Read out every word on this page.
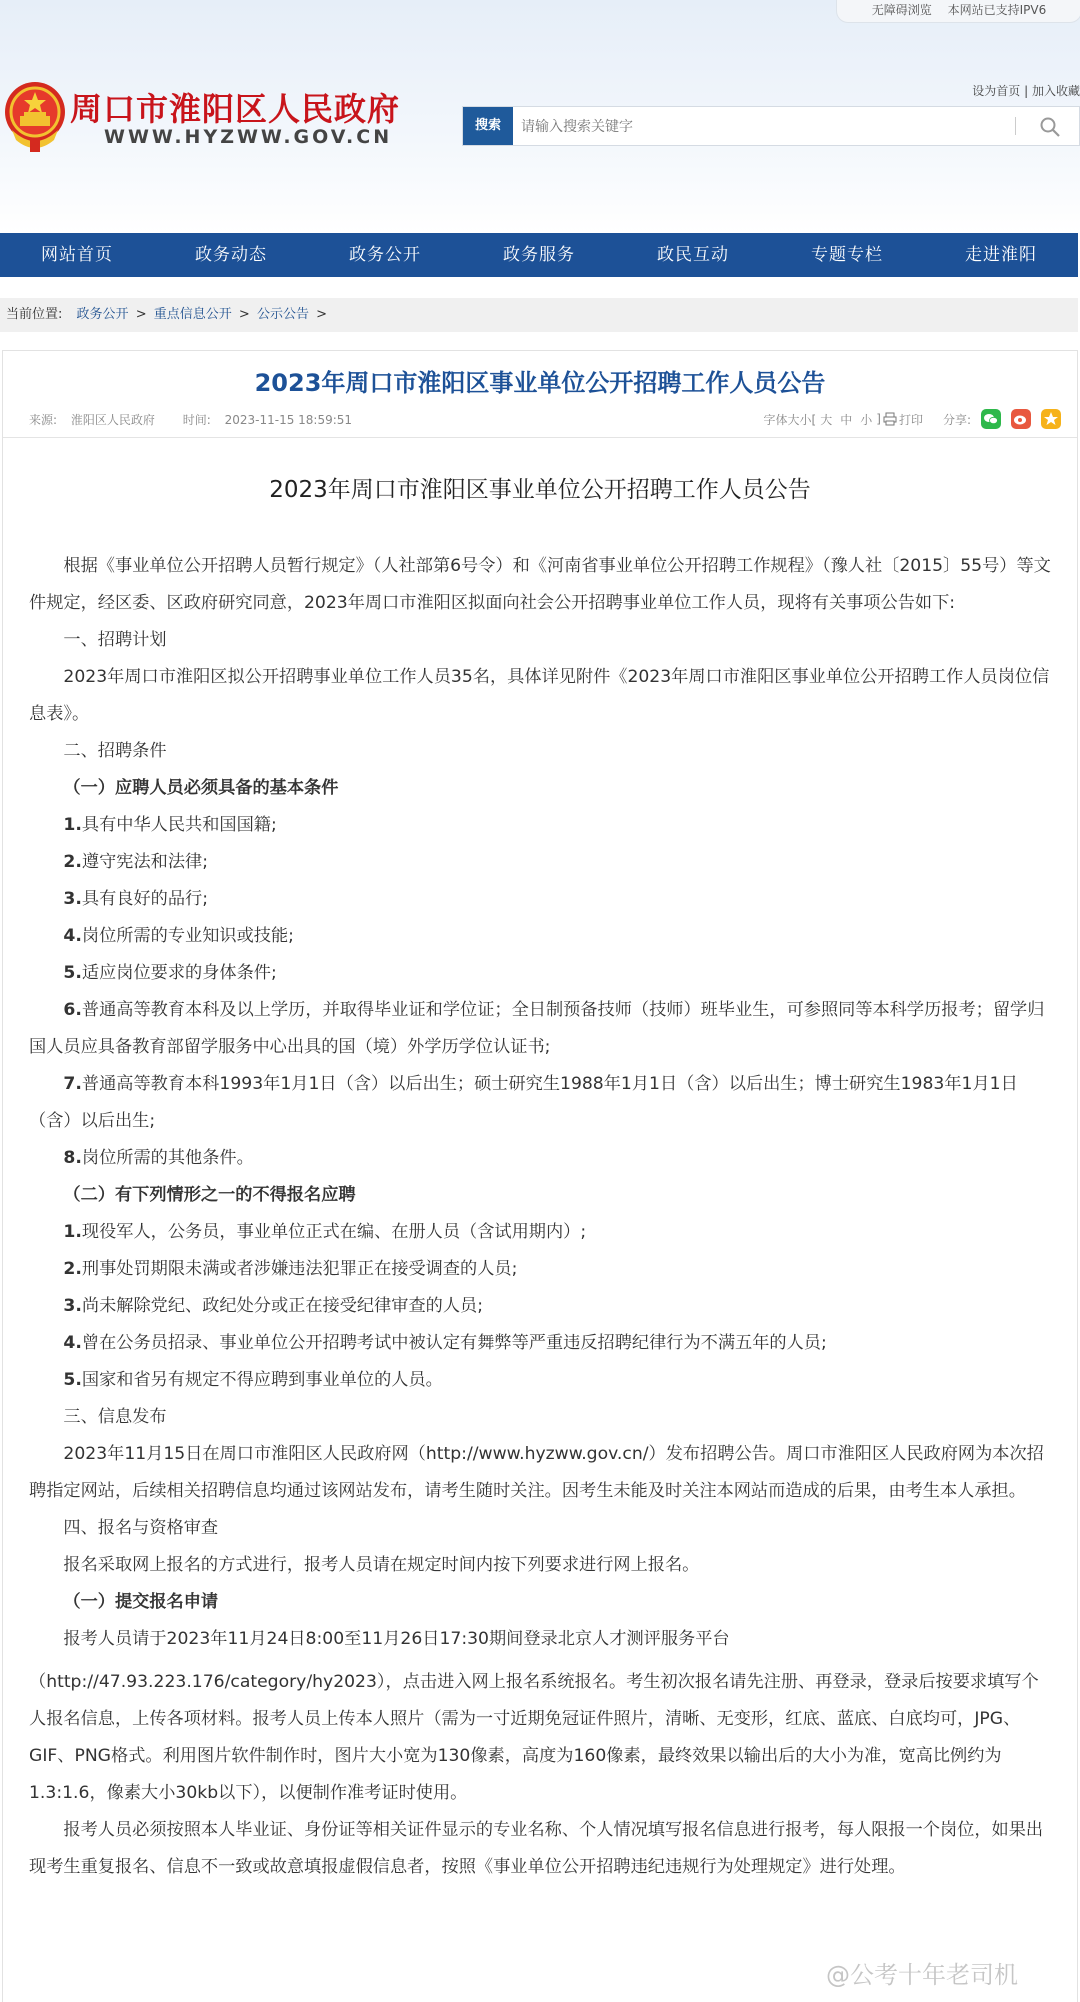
无障碍浏览 本网站已支持IPV6
周口市淮阳区人民政府
WWW.HYZWW.GOV.CN
设为首页 | 加入收藏
搜索
请输入搜索关键字
网站首页	政务动态	政务公开	政务服务	政民互动	专题专栏	走进淮阳
当前位置: 政务公开 > 重点信息公开 > 公示公告 >
2023年周口市淮阳区事业单位公开招聘工作人员公告
来源: 淮阳区人民政府 时间: 2023-11-15 18:59:51	字体大小[ 大 中 小 ] 打印 分享:
2023年周口市淮阳区事业单位公开招聘工作人员公告

根据《事业单位公开招聘人员暂行规定》（人社部第6号令）和《河南省事业单位公开招聘工作规程》（豫人社〔2015〕55号）等文件规定，经区委、区政府研究同意，2023年周口市淮阳区拟面向社会公开招聘事业单位工作人员，现将有关事项公告如下:

一、招聘计划

2023年周口市淮阳区拟公开招聘事业单位工作人员35名，具体详见附件《2023年周口市淮阳区事业单位公开招聘工作人员岗位信息表》。

二、招聘条件

（一）应聘人员必须具备的基本条件

1.具有中华人民共和国国籍;

2.遵守宪法和法律;

3.具有良好的品行;

4.岗位所需的专业知识或技能;

5.适应岗位要求的身体条件;

6.普通高等教育本科及以上学历，并取得毕业证和学位证；全日制预备技师（技师）班毕业生，可参照同等本科学历报考；留学归国人员应具备教育部留学服务中心出具的国（境）外学历学位认证书;

7.普通高等教育本科1993年1月1日（含）以后出生；硕士研究生1988年1月1日（含）以后出生；博士研究生1983年1月1日（含）以后出生;

8.岗位所需的其他条件。

（二）有下列情形之一的不得报名应聘

1.现役军人，公务员，事业单位正式在编、在册人员（含试用期内）;

2.刑事处罚期限未满或者涉嫌违法犯罪正在接受调查的人员;

3.尚未解除党纪、政纪处分或正在接受纪律审查的人员;

4.曾在公务员招录、事业单位公开招聘考试中被认定有舞弊等严重违反招聘纪律行为不满五年的人员;

5.国家和省另有规定不得应聘到事业单位的人员。

三、信息发布

2023年11月15日在周口市淮阳区人民政府网（http://www.hyzww.gov.cn/）发布招聘公告。周口市淮阳区人民政府网为本次招聘指定网站，后续相关招聘信息均通过该网站发布，请考生随时关注。因考生未能及时关注本网站而造成的后果，由考生本人承担。

四、报名与资格审查

报名采取网上报名的方式进行，报考人员请在规定时间内按下列要求进行网上报名。

（一）提交报名申请

报考人员请于2023年11月24日8:00至11月26日17:30期间登录北京人才测评服务平台

（http://47.93.223.176/category/hy2023），点击进入网上报名系统报名。考生初次报名请先注册、再登录，登录后按要求填写个人报名信息，上传各项材料。报考人员上传本人照片（需为一寸近期免冠证件照片，清晰、无变形，红底、蓝底、白底均可，JPG、GIF、PNG格式。利用图片软件制作时，图片大小宽为130像素，高度为160像素，最终效果以输出后的大小为准，宽高比例约为1.3:1.6，像素大小30kb以下），以便制作准考证时使用。

报考人员必须按照本人毕业证、身份证等相关证件显示的专业名称、个人情况填写报名信息进行报考，每人限报一个岗位，如果出现考生重复报名、信息不一致或故意填报虚假信息者，按照《事业单位公开招聘违纪违规行为处理规定》进行处理。

@公考十年老司机
